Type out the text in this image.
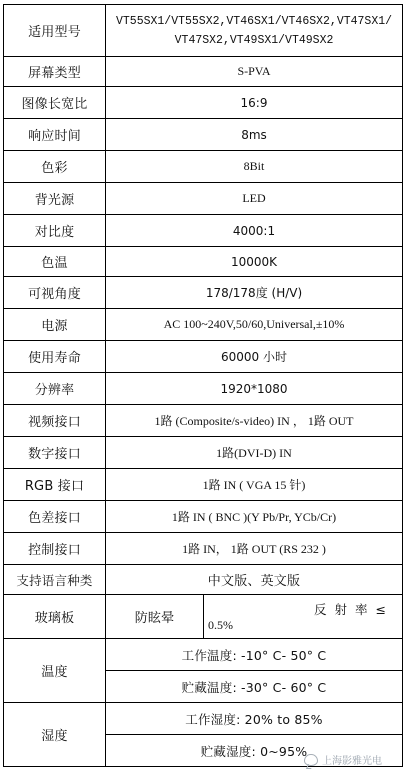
适用型号	VT55SX1/VT55SX2,VT46SX1/VT46SX2,VT47SX1/
VT47SX2,VT49SX1/VT49SX2	
屏幕类型	S-PVA	
图像长宽比	16:9	
响应时间	8ms	
色彩	8Bit	
背光源	LED	
对比度	4000:1	
色温	10000K	
可视角度	178/178度 (H/V)	
电源	AC 100~240V,50/60,Universal,±10%	
使用寿命	60000 小时	
分辨率	1920*1080	
视频接口	1路 (Composite/s-video) IN ， 1路 OUT	
数字接口	1路(DVI-D) IN	
RGB 接口	1路 IN ( VGA 15 针)	
色差接口	1路 IN ( BNC )(Y Pb/Pr, YCb/Cr)	
控制接口	1路 IN， 1路 OUT (RS 232 )	
支持语言种类	中文版、英文版	
玻璃板	防眩晕	反射率≤
0.5%

温度	工作温度: -10° C- 50° C	
	贮藏温度: -30° C- 60° C	
湿度	工作湿度: 20% to 85%	
	贮藏湿度: 0~95%	
上海影雅光电
